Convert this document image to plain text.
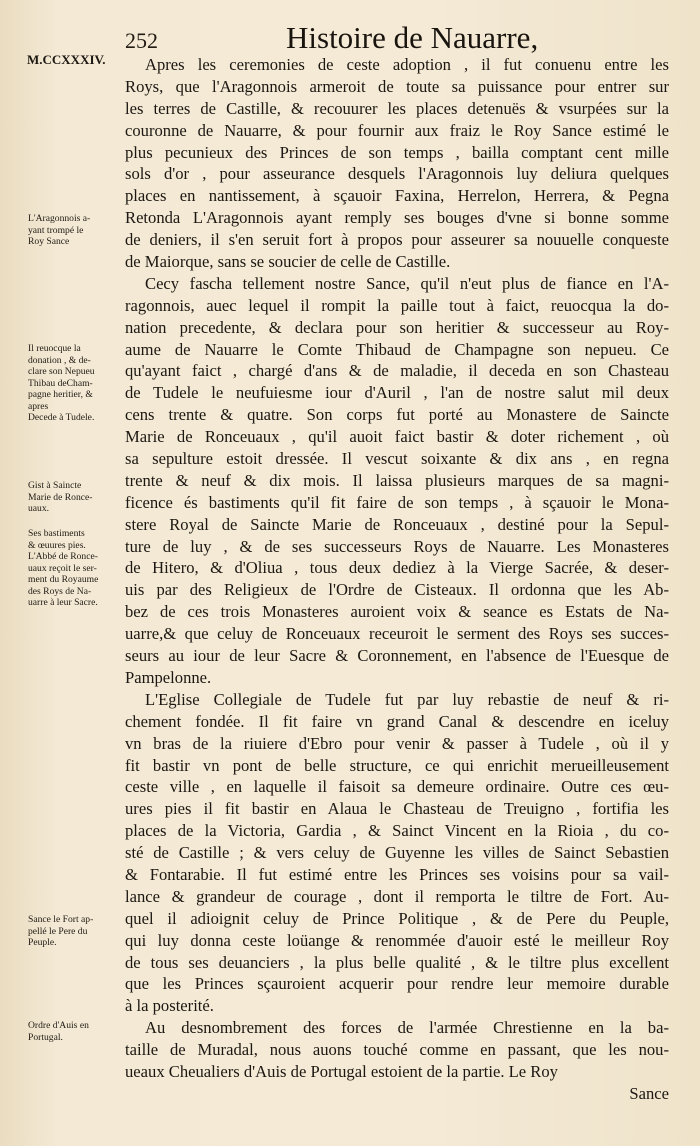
252	Histoire de Nauarre,
M.CCXXXIV.	Apres les ceremonies de ceste adoption , il fut conuenu entre les
Roys, que l'Aragonnois armeroit de toute sa puissance pour entrer sur
les terres de Castille, & recouurer les places detenuës & vsurpées sur la
couronne de Nauarre, & pour fournir aux fraiz le Roy Sance estimé le
plus pecunieux des Princes de son temps , bailla comptant cent mille
sols d'or , pour asseurance desquels l'Aragonnois luy deliura quelques
places en nantissement, à sçauoir Faxina, Herrelon, Herrera, & Pegna
Retonda L'Aragonnois ayant remply ses bouges d'vne si bonne somme
de deniers, il s'en seruit fort à propos pour asseurer sa nouuelle conqueste
de Maiorque, sans se soucier de celle de Castille.
Cecy fascha tellement nostre Sance, qu'il n'eut plus de fiance en l'A-
ragonnois, auec lequel il rompit la paille tout à faict, reuocqua la do-
nation precedente, & declara pour son heritier & successeur au Roy-
aume de Nauarre le Comte Thibaud de Champagne son nepueu. Ce
qu'ayant faict , chargé d'ans & de maladie, il deceda en son Chasteau
de Tudele le neufuiesme iour d'Auril , l'an de nostre salut mil deux
cens trente & quatre. Son corps fut porté au Monastere de Saincte
Marie de Ronceuaux , qu'il auoit faict bastir & doter richement , où
sa sepulture estoit dressée. Il vescut soixante & dix ans , en regna
trente & neuf & dix mois. Il laissa plusieurs marques de sa magni-
ficence és bastiments qu'il fit faire de son temps , à sçauoir le Mona-
stere Royal de Saincte Marie de Ronceuaux , destiné pour la Sepul-
ture de luy , & de ses successeurs Roys de Nauarre. Les Monasteres
de Hitero, & d'Oliua , tous deux dediez à la Vierge Sacrée, & deser-
uis par des Religieux de l'Ordre de Cisteaux. Il ordonna que les Ab-
bez de ces trois Monasteres auroient voix & seance es Estats de Na-
uarre,& que celuy de Ronceuaux receuroit le serment des Roys ses succes-
seurs au iour de leur Sacre & Coronnement, en l'absence de l'Euesque de
Pampelonne.
L'Eglise Collegiale de Tudele fut par luy rebastie de neuf & ri-
chement fondée. Il fit faire vn grand Canal & descendre en iceluy
vn bras de la riuiere d'Ebro pour venir & passer à Tudele , où il y
fit bastir vn pont de belle structure, ce qui enrichit merueilleusement
ceste ville , en laquelle il faisoit sa demeure ordinaire. Outre ces œu-
ures pies il fit bastir en Alaua le Chasteau de Treuigno , fortifia les
places de la Victoria, Gardia , & Sainct Vincent en la Rioia , du co-
sté de Castille ; & vers celuy de Guyenne les villes de Sainct Sebastien
& Fontarabie. Il fut estimé entre les Princes ses voisins pour sa vail-
lance & grandeur de courage , dont il remporta le tiltre de Fort. Au-
quel il adioignit celuy de Prince Politique , & de Pere du Peuple,
qui luy donna ceste loüange & renommée d'auoir esté le meilleur Roy
de tous ses deuanciers , la plus belle qualité , & le tiltre plus excellent
que les Princes sçauroient acquerir pour rendre leur memoire durable
à la posterité.
Au desnombrement des forces de l'armée Chrestienne en la ba-
taille de Muradal, nous auons touché comme en passant, que les nou-
ueaux Cheualiers d'Auis de Portugal estoient de la partie. Le Roy
Sance
L'Aragonnois a-
yant trompé le
Roy Sance
Il reuocque la
donation , & de-
clare son Nepueu
Thibau deCham-
pagne heritier, &
apres
Decede à Tudele.
Gist à Saincte
Marie de Ronce-
uaux.
Ses bastiments
& œuures pies.
L'Abbé de Ronce-
uaux reçoit le ser-
ment du Royaume
des Roys de Na-
uarre à leur Sacre.
Sance le Fort ap-
pellé le Pere du
Peuple.
Ordre d'Auis en
Portugal.
